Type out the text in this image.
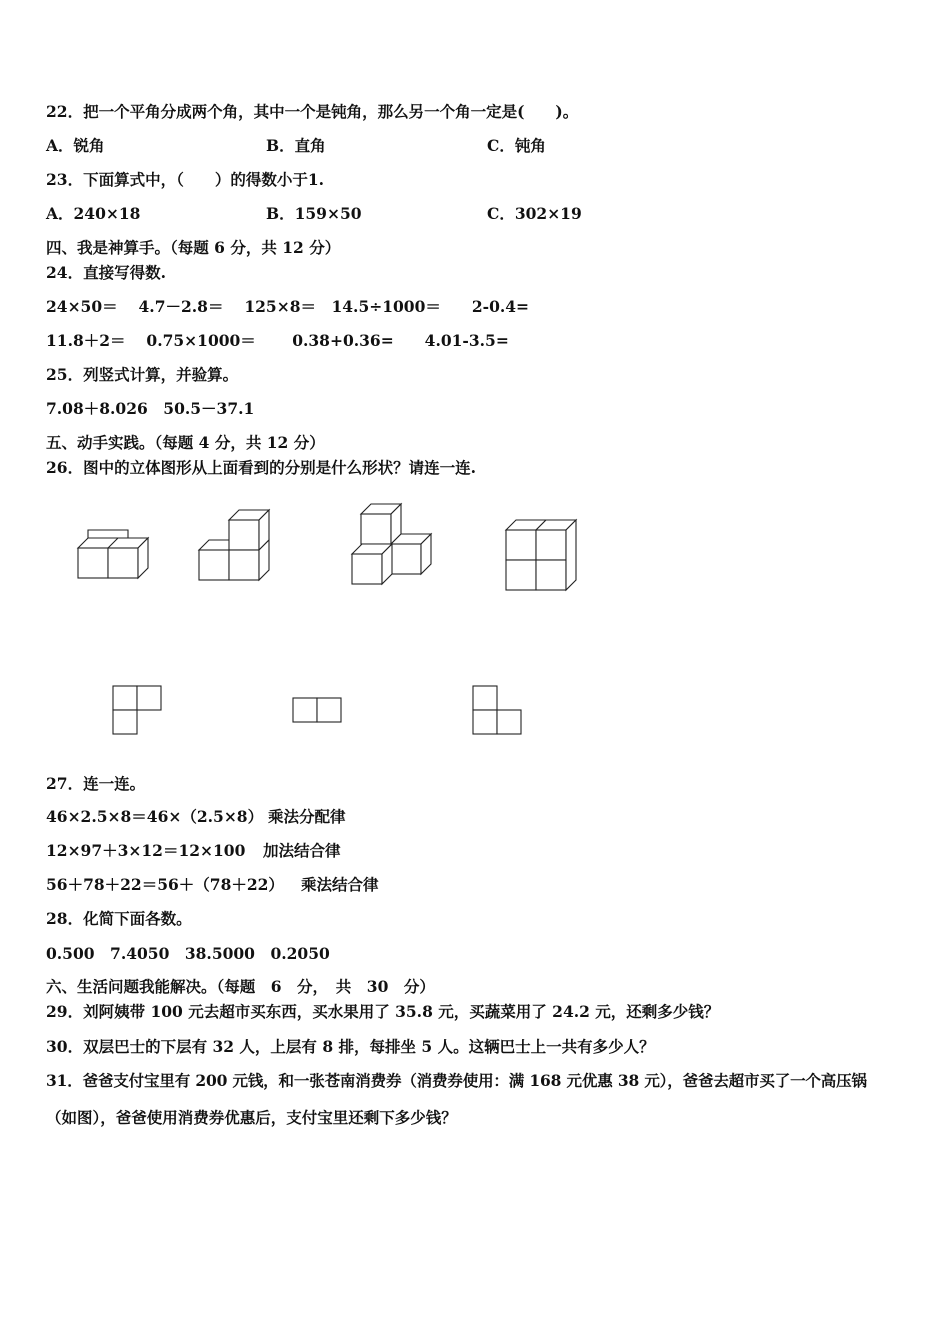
22．把一个平角分成两个角，其中一个是钝角，那么另一个角一定是(　　)。
A．锐角	B．直角	C．钝角
23．下面算式中，（　　）的得数小于1.
A．240×18	B．159×50	C．302×19
四、我是神算手。（每题 6 分，共 12 分）
24．直接写得数.
24×50＝　 4.7－2.8＝　 125×8＝　14.5÷1000＝　　2-0.4=
11.8＋2＝　 0.75×1000＝　 　0.38+0.36=　　4.01-3.5=
25．列竖式计算，并验算。
7.08＋8.026　50.5－37.1
五、动手实践。（每题 4 分，共 12 分）
26．图中的立体图形从上面看到的分别是什么形状？请连一连.
27．连一连。
46×2.5×8＝46×（2.5×8） 乘法分配律
12×97＋3×12＝12×100 加法结合律
56＋78＋22＝56＋（78＋22） 乘法结合律
28．化简下面各数。
0.500　7.4050　38.5000　0.2050
六、生活问题我能解决。（每题　6　分，　共　30　分）
29．刘阿姨带 100 元去超市买东西，买水果用了 35.8 元，买蔬菜用了 24.2 元，还剩多少钱？
30．双层巴士的下层有 32 人，上层有 8 排，每排坐 5 人。这辆巴士上一共有多少人？
31．爸爸支付宝里有 200 元钱，和一张苍南消费券（消费券使用：满 168 元优惠 38 元），爸爸去超市买了一个高压锅
（如图），爸爸使用消费券优惠后，支付宝里还剩下多少钱？
